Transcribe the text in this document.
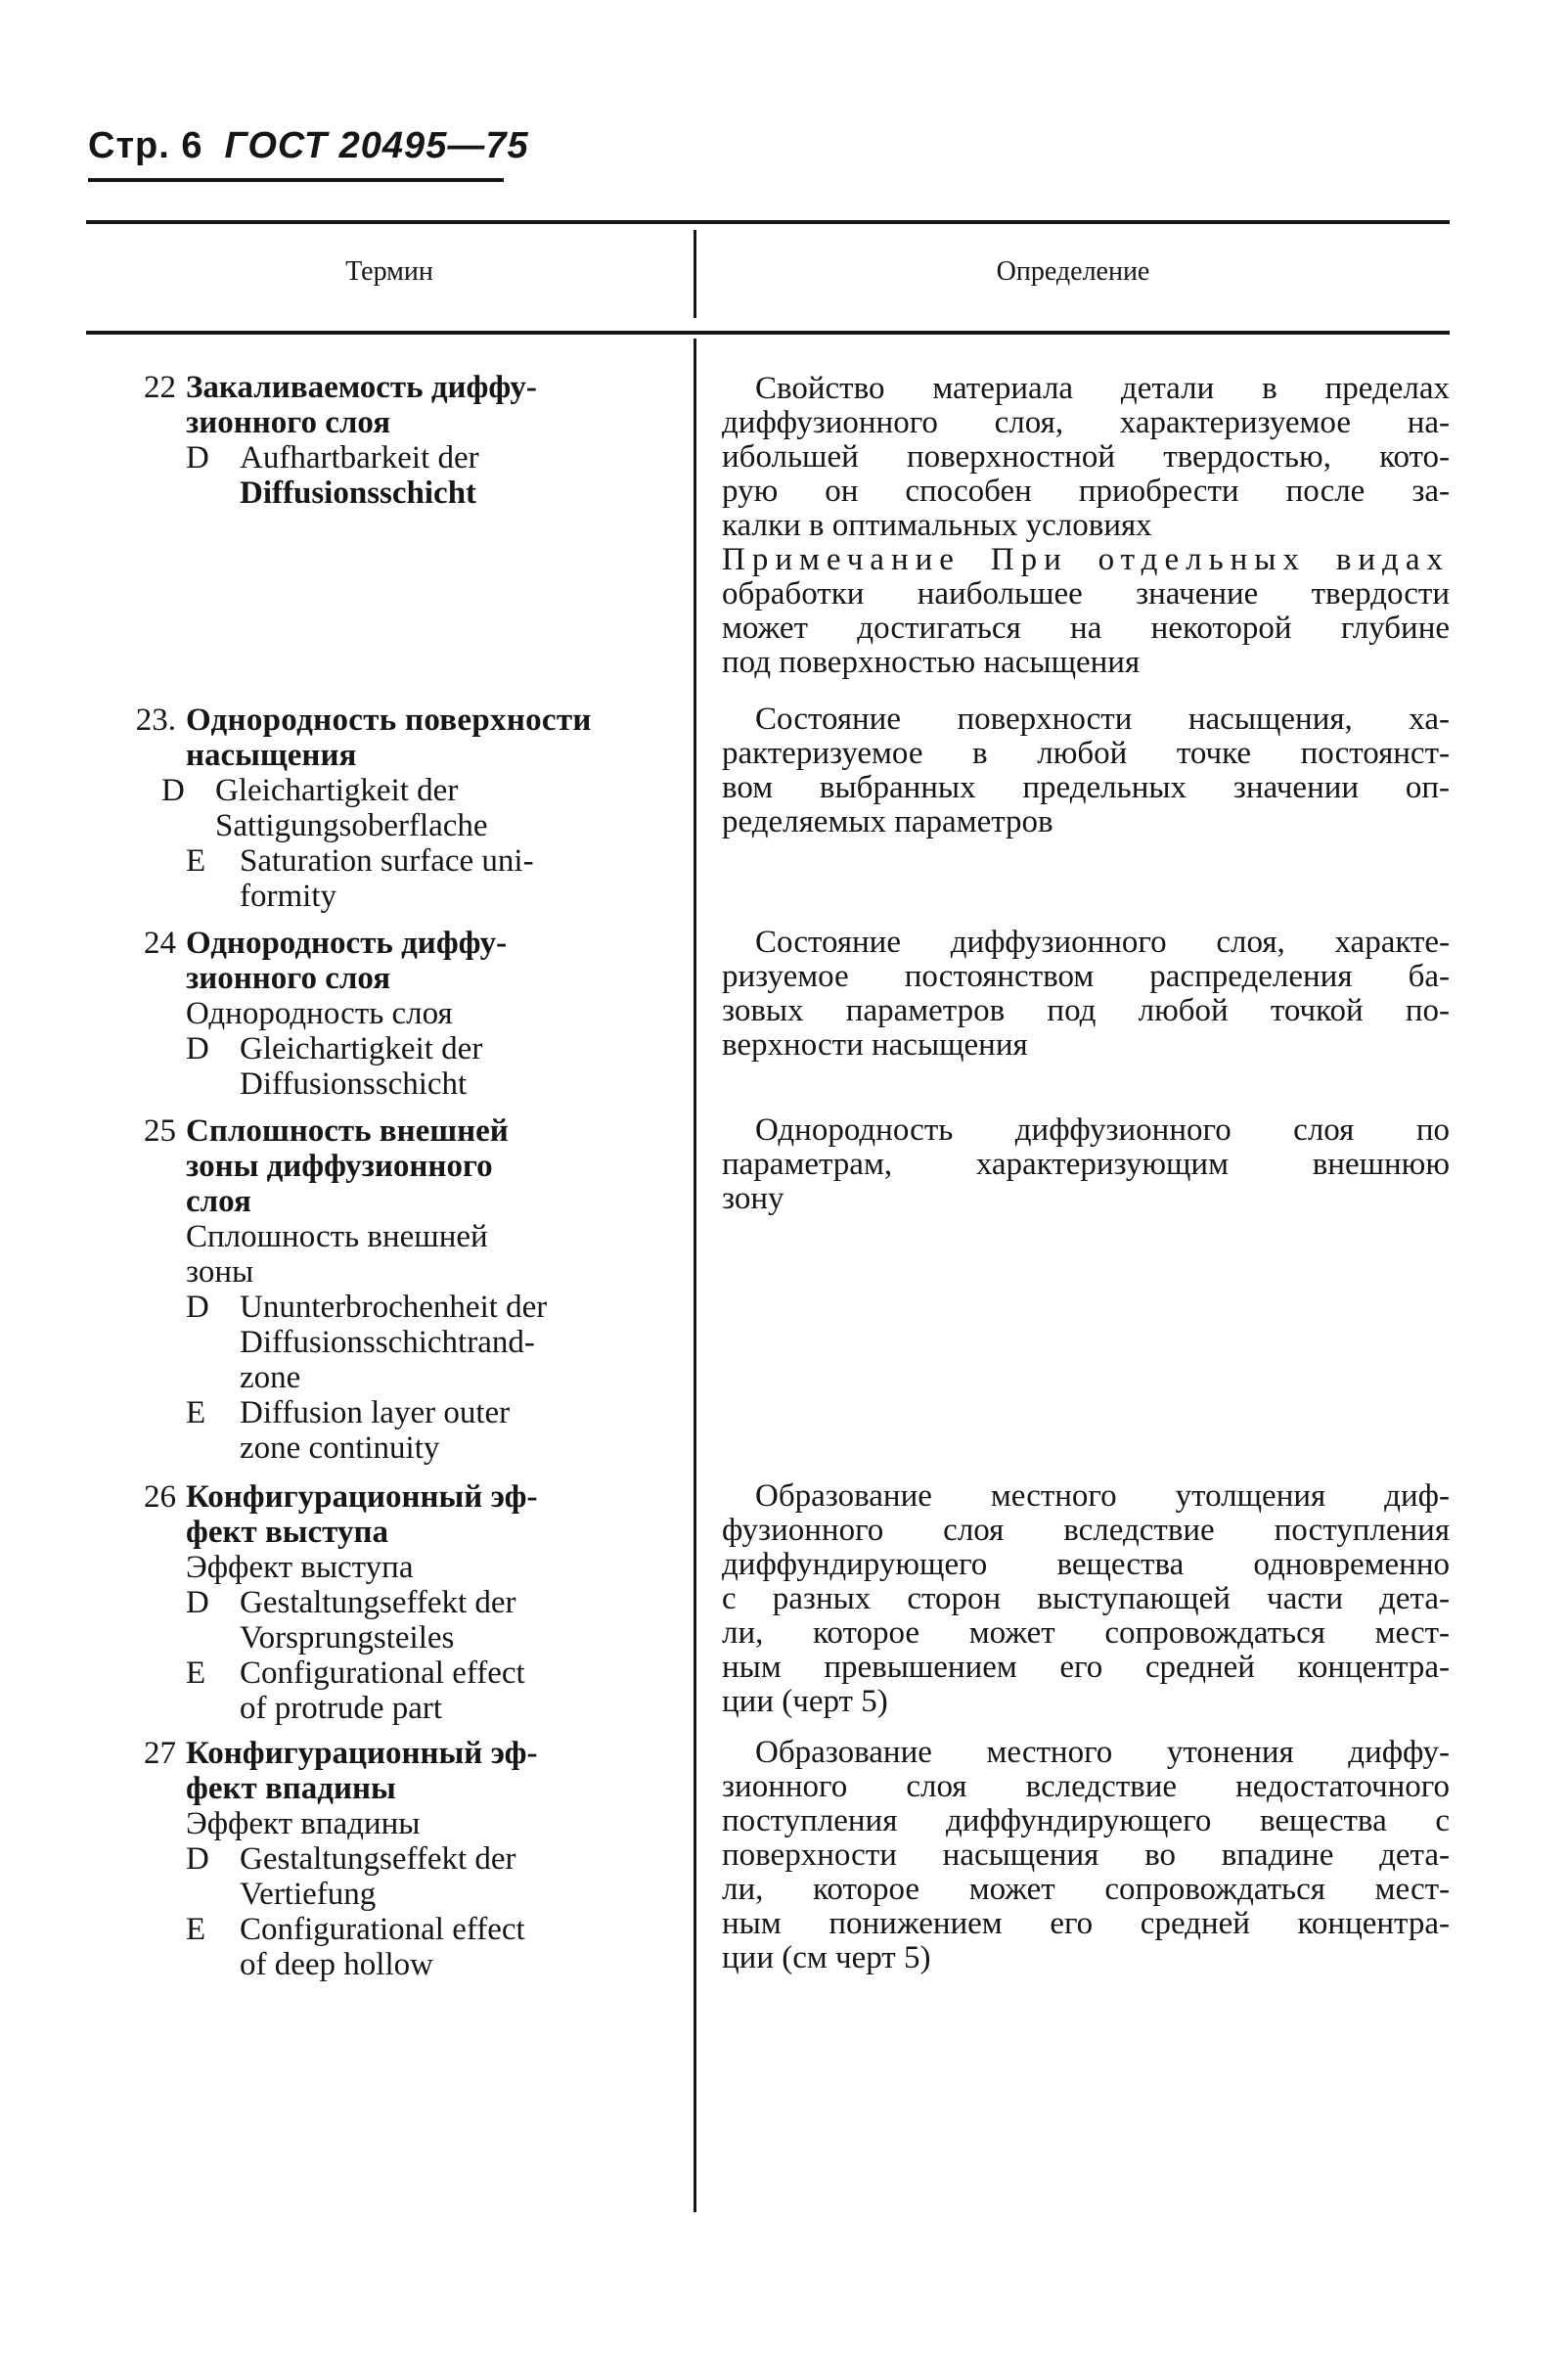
Стр. 6 ГОСТ 20495—75
Термин	Определение
22 Закаливаемость диффу-
зионного слоя
D Aufhartbarkeit der
Diffusionsschicht
Свойство материала детали в пределах
диффузионного слоя, характеризуемое на-
ибольшей поверхностной твердостью, кото-
рую он способен приобрести после за-
калки в оптимальных условиях
Примечание При отдельных видах
обработки наибольшее значение твердости
может достигаться на некоторой глубине
под поверхностью насыщения
23. Однородность поверхности
насыщения
D Gleichartigkeit der
Sattigungsoberflache
E Saturation surface uni-
formity
Состояние поверхности насыщения, ха-
рактеризуемое в любой точке постоянст-
вом выбранных предельных значении оп-
ределяемых параметров
24 Однородность диффу-
зионного слоя
Однородность слоя
D Gleichartigkeit der
Diffusionsschicht
Состояние диффузионного слоя, характе-
ризуемое постоянством распределения ба-
зовых параметров под любой точкой по-
верхности насыщения
25 Сплошность внешней
зоны диффузионного
слоя
Сплошность внешней
зоны
D Ununterbrochenheit der
Diffusionsschichtrand-
zone
E Diffusion layer outer
zone continuity
Однородность диффузионного слоя по
параметрам, характеризующим внешнюю
зону
26 Конфигурационный эф-
фект выступа
Эффект выступа
D Gestaltungseffekt der
Vorsprungsteiles
E Configurational effect
of protrude part
Образование местного утолщения диф-
фузионного слоя вследствие поступления
диффундирующего вещества одновременно
с разных сторон выступающей части дета-
ли, которое может сопровождаться мест-
ным превышением его средней концентра-
ции (черт 5)
27 Конфигурационный эф-
фект впадины
Эффект впадины
D Gestaltungseffekt der
Vertiefung
E Configurational effect
of deep hollow
Образование местного утонения диффу-
зионного слоя вследствие недостаточного
поступления диффундирующего вещества с
поверхности насыщения во впадине дета-
ли, которое может сопровождаться мест-
ным понижением его средней концентра-
ции (см черт 5)
